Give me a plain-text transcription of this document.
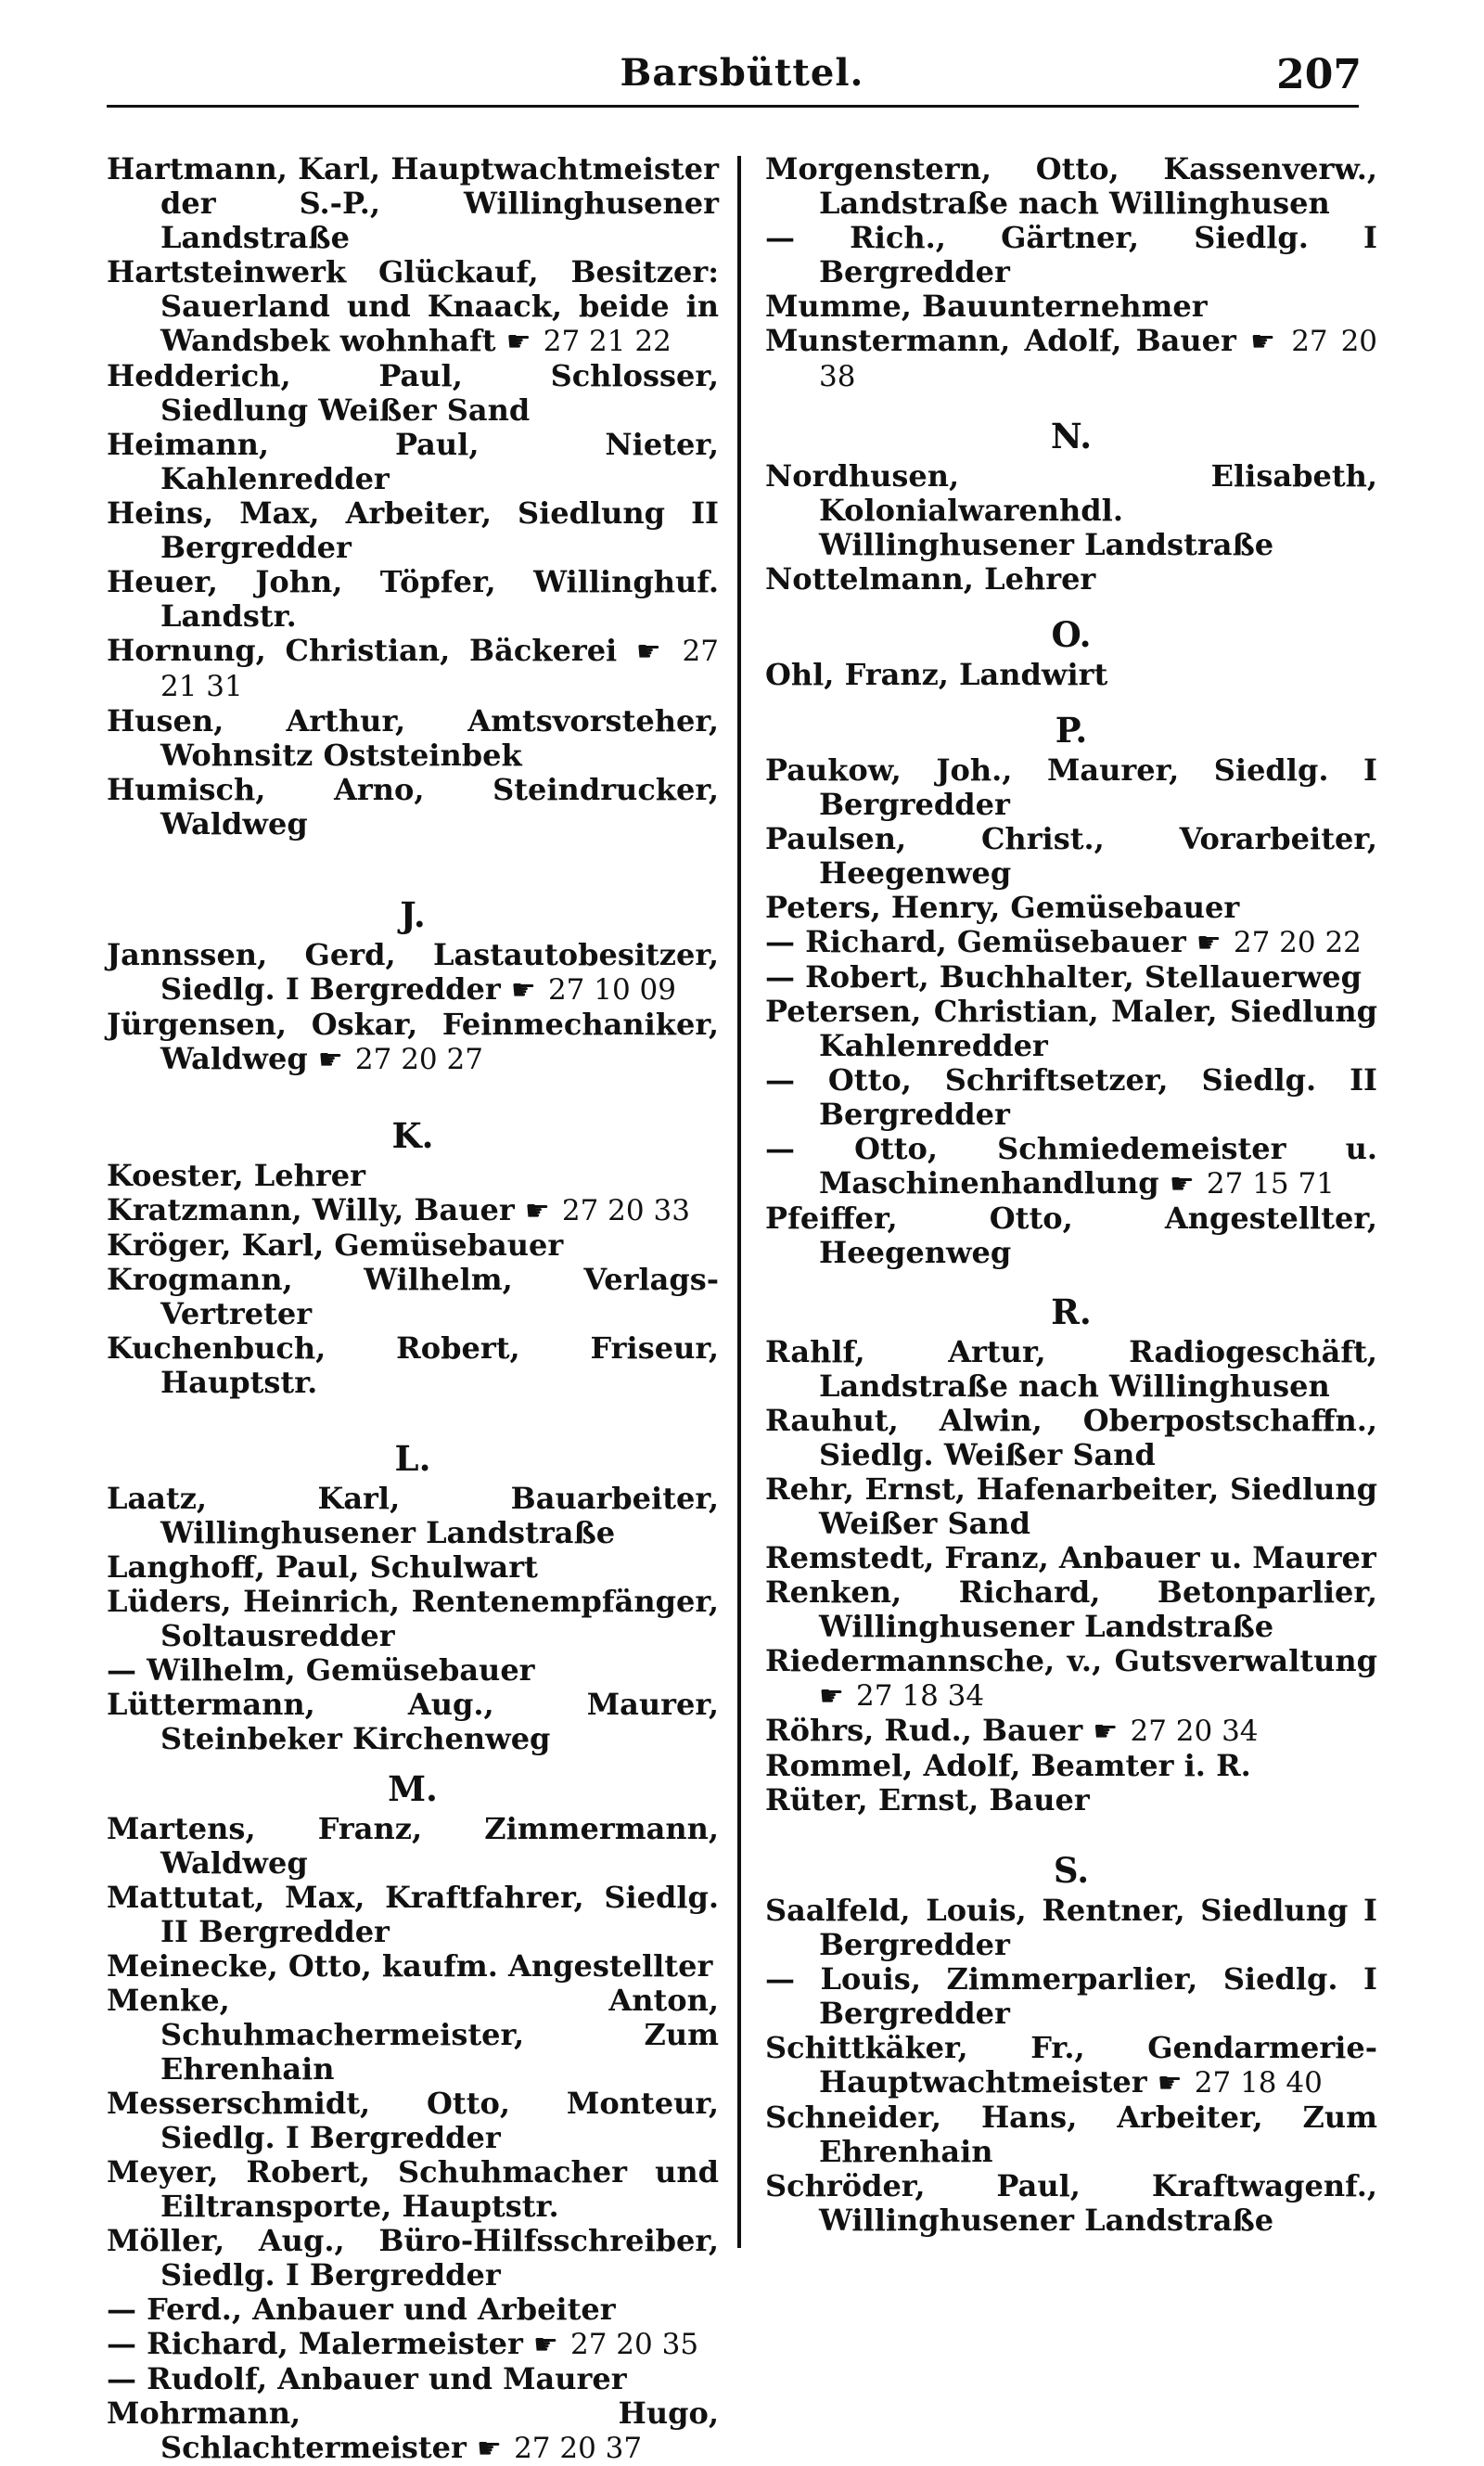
Barsbüttel.	207
Hartmann, Karl, Hauptwachtmeister der S.-P., Willinghusener Landstraße
Hartsteinwerk Glückauf, Besitzer: Sauerland und Knaack, beide in Wandsbek wohnhaft ☛ 27 21 22
Hedderich, Paul, Schlosser, Siedlung Weißer Sand
Heimann, Paul, Nieter, Kahlenredder
Heins, Max, Arbeiter, Siedlung II Bergredder
Heuer, John, Töpfer, Willinghuf. Landstr.
Hornung, Christian, Bäckerei ☛ 27 21 31
Husen, Arthur, Amtsvorsteher, Wohnsitz Oststeinbek
Humisch, Arno, Steindrucker, Waldweg
J.
Jannssen, Gerd, Lastautobesitzer, Siedlg. I Bergredder ☛ 27 10 09
Jürgensen, Oskar, Feinmechaniker, Waldweg ☛ 27 20 27
K.
Koester, Lehrer
Kratzmann, Willy, Bauer ☛ 27 20 33
Kröger, Karl, Gemüsebauer
Krogmann, Wilhelm, Verlags-Vertreter
Kuchenbuch, Robert, Friseur, Hauptstr.
L.
Laatz, Karl, Bauarbeiter, Willinghusener Landstraße
Langhoff, Paul, Schulwart
Lüders, Heinrich, Rentenempfänger, Soltausredder
— Wilhelm, Gemüsebauer
Lüttermann, Aug., Maurer, Steinbeker Kirchenweg
M.
Martens, Franz, Zimmermann, Waldweg
Mattutat, Max, Kraftfahrer, Siedlg. II Bergredder
Meinecke, Otto, kaufm. Angestellter
Menke, Anton, Schuhmachermeister, Zum Ehrenhain
Messerschmidt, Otto, Monteur, Siedlg. I Bergredder
Meyer, Robert, Schuhmacher und Eiltransporte, Hauptstr.
Möller, Aug., Büro-Hilfsschreiber, Siedlg. I Bergredder
— Ferd., Anbauer und Arbeiter
— Richard, Malermeister ☛ 27 20 35
— Rudolf, Anbauer und Maurer
Mohrmann, Hugo, Schlachtermeister ☛ 27 20 37
Morgenstern, Otto, Kassenverw., Landstraße nach Willinghusen
— Rich., Gärtner, Siedlg. I Bergredder
Mumme, Bauunternehmer
Munstermann, Adolf, Bauer ☛ 27 20 38
N.
Nordhusen, Elisabeth, Kolonialwarenhdl. Willinghusener Landstraße
Nottelmann, Lehrer
O.
Ohl, Franz, Landwirt
P.
Paukow, Joh., Maurer, Siedlg. I Bergredder
Paulsen, Christ., Vorarbeiter, Heegenweg
Peters, Henry, Gemüsebauer
— Richard, Gemüsebauer ☛ 27 20 22
— Robert, Buchhalter, Stellauerweg
Petersen, Christian, Maler, Siedlung Kahlenredder
— Otto, Schriftsetzer, Siedlg. II Bergredder
— Otto, Schmiedemeister u. Maschinenhandlung ☛ 27 15 71
Pfeiffer, Otto, Angestellter, Heegenweg
R.
Rahlf, Artur, Radiogeschäft, Landstraße nach Willinghusen
Rauhut, Alwin, Oberpostschaffn., Siedlg. Weißer Sand
Rehr, Ernst, Hafenarbeiter, Siedlung Weißer Sand
Remstedt, Franz, Anbauer u. Maurer
Renken, Richard, Betonparlier, Willinghusener Landstraße
Riedermannsche, v., Gutsverwaltung ☛ 27 18 34
Röhrs, Rud., Bauer ☛ 27 20 34
Rommel, Adolf, Beamter i. R.
Rüter, Ernst, Bauer
S.
Saalfeld, Louis, Rentner, Siedlung I Bergredder
— Louis, Zimmerparlier, Siedlg. I Bergredder
Schittkäker, Fr., Gendarmerie-Hauptwachtmeister ☛ 27 18 40
Schneider, Hans, Arbeiter, Zum Ehrenhain
Schröder, Paul, Kraftwagenf., Willinghusener Landstraße
